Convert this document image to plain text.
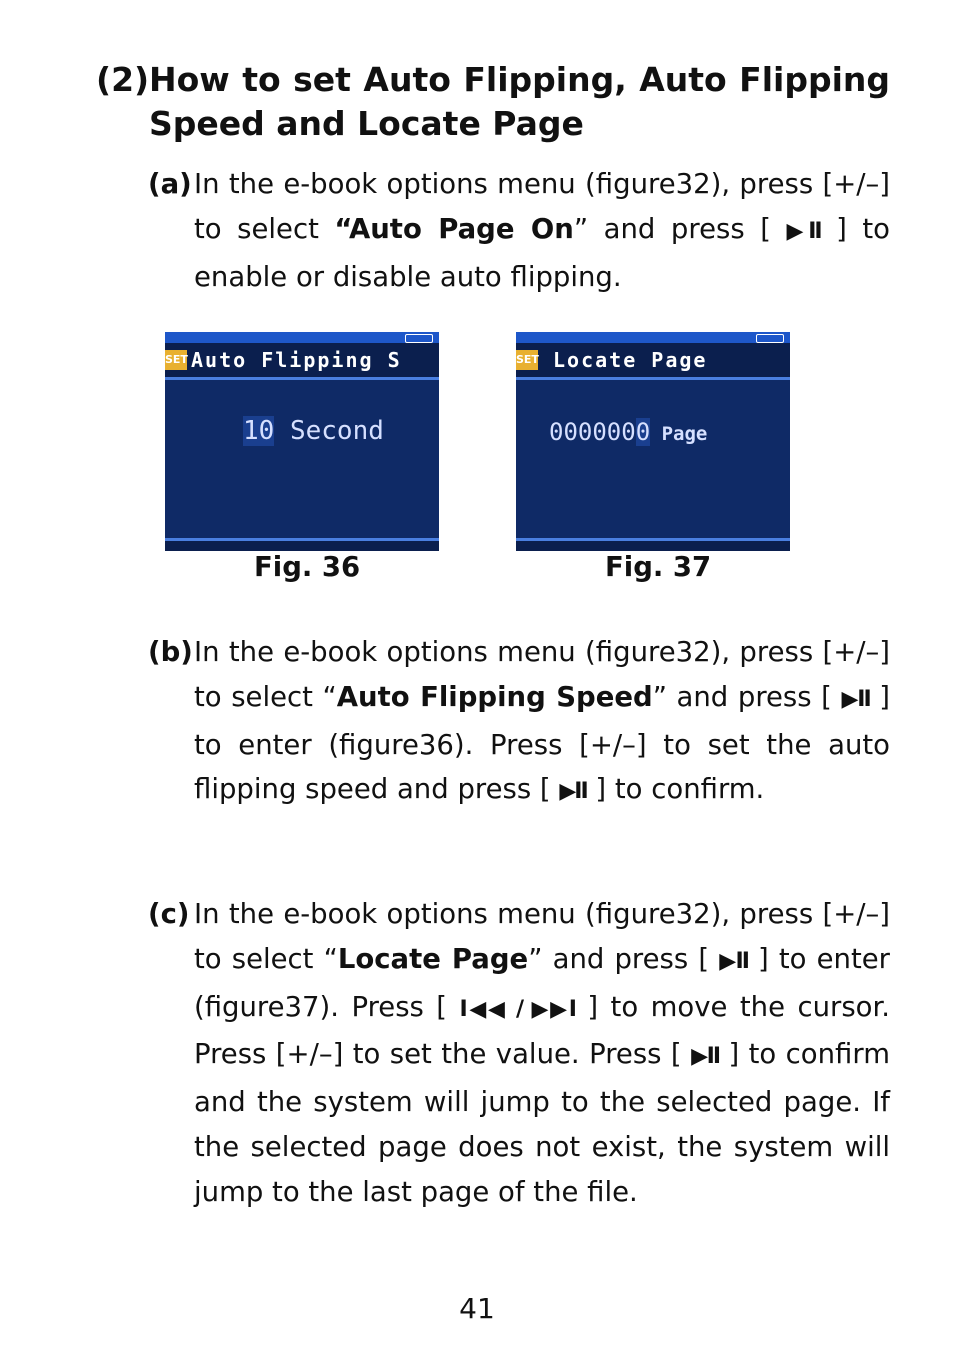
(2) How to set Auto Flipping, Auto Flipping Speed and Locate Page
(a) In the e-book options menu (figure32), press [+/–] to select “Auto Page On” and press [ ▶II ] to enable or disable auto flipping.
SET Auto Flipping S
10 Second
Fig. 36
SET Locate Page
0000000 Page
Fig. 37
(b) In the e-book options menu (figure32), press [+/–] to select “Auto Flipping Speed” and press [ ▶II ] to enter (figure36). Press [+/–] to set the auto flipping speed and press [ ▶II ] to confirm.
(c) In the e-book options menu (figure32), press [+/–] to select “Locate Page” and press [ ▶II ] to enter (figure37). Press [ I◀◀ / ▶▶I ] to move the cursor. Press [+/–] to set the value. Press [ ▶II ] to confirm and the system will jump to the selected page. If the selected page does not exist, the system will jump to the last page of the file.
41
